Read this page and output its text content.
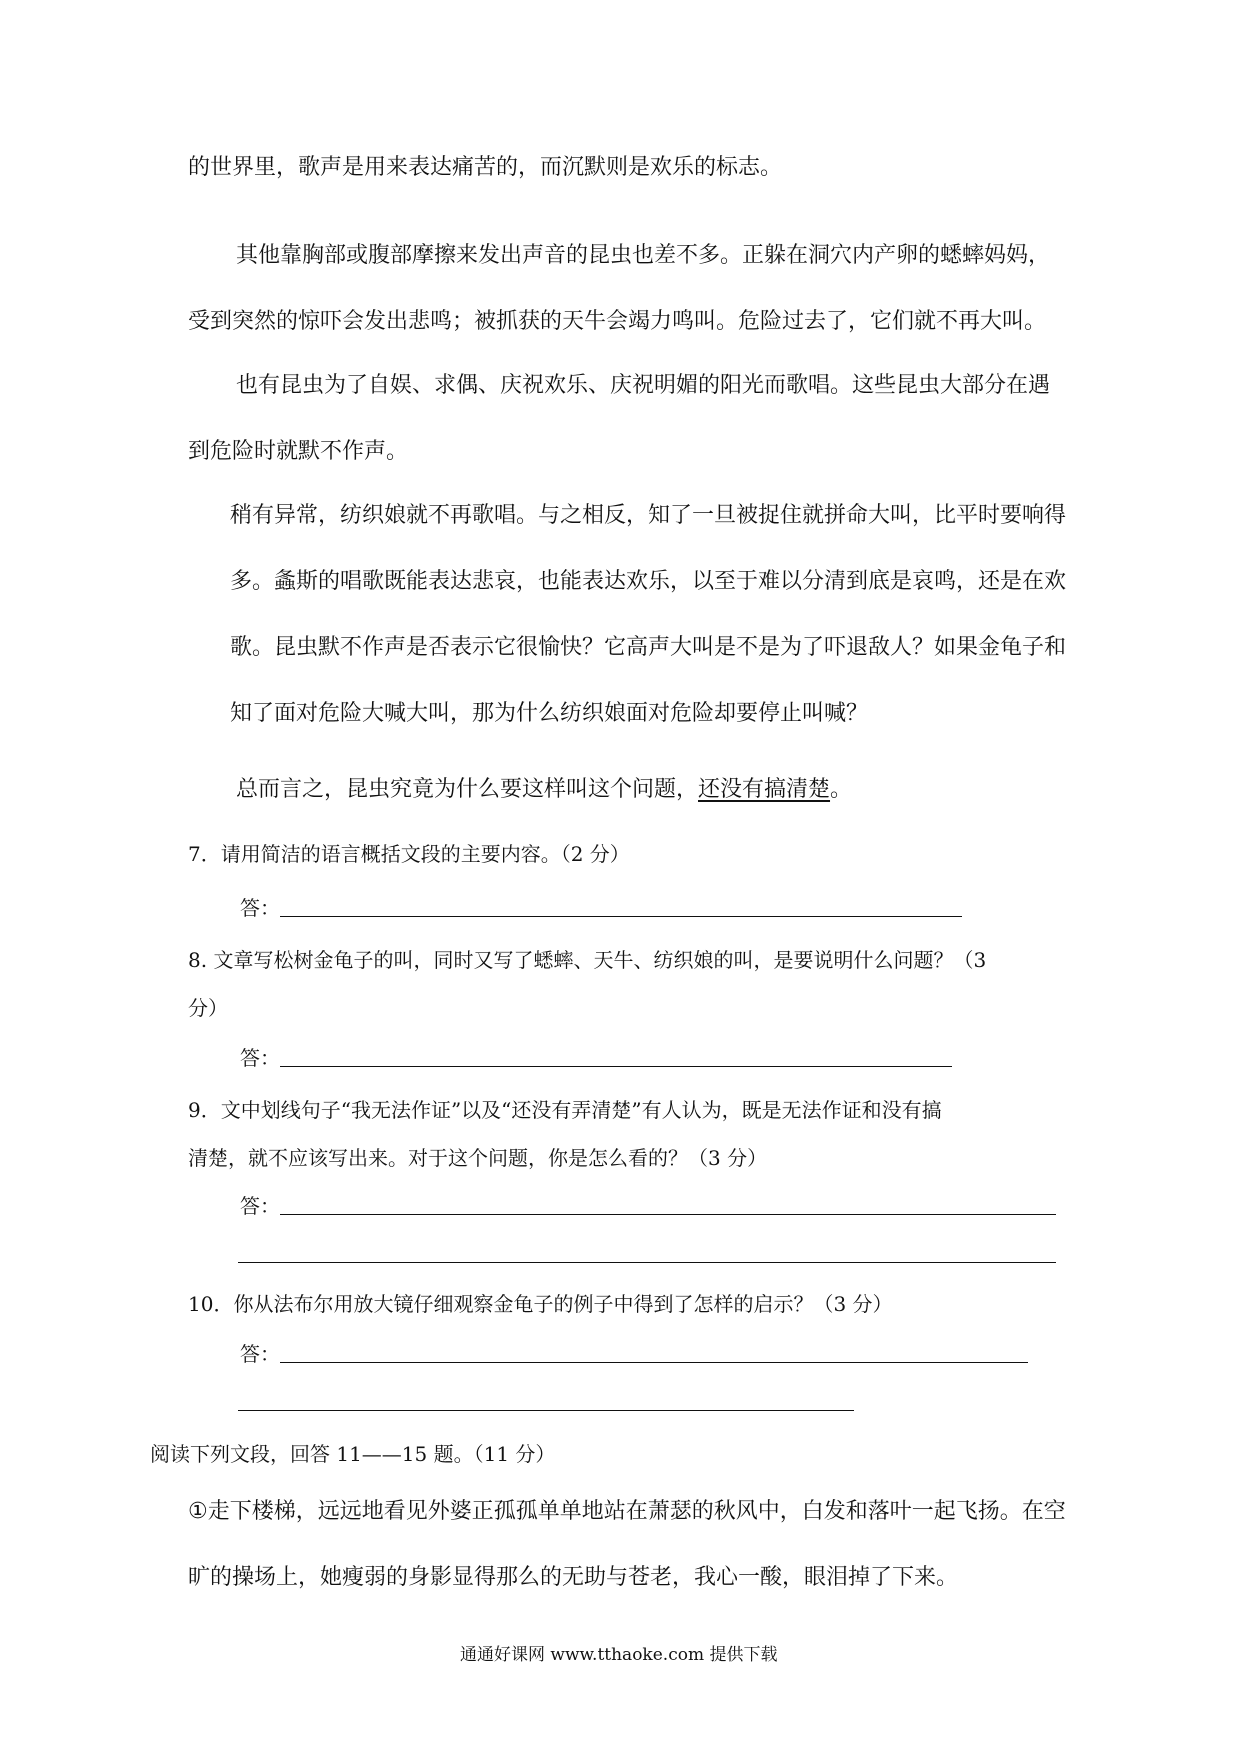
的世界里，歌声是用来表达痛苦的，而沉默则是欢乐的标志。
其他靠胸部或腹部摩擦来发出声音的昆虫也差不多。正躲在洞穴内产卵的蟋蟀妈妈，
受到突然的惊吓会发出悲鸣；被抓获的天牛会竭力鸣叫。危险过去了，它们就不再大叫。
也有昆虫为了自娱、求偶、庆祝欢乐、庆祝明媚的阳光而歌唱。这些昆虫大部分在遇
到危险时就默不作声。
稍有异常，纺织娘就不再歌唱。与之相反，知了一旦被捉住就拼命大叫，比平时要响得
多。螽斯的唱歌既能表达悲哀，也能表达欢乐，以至于难以分清到底是哀鸣，还是在欢
歌。昆虫默不作声是否表示它很愉快？它高声大叫是不是为了吓退敌人？如果金龟子和
知了面对危险大喊大叫，那为什么纺织娘面对危险却要停止叫喊？
总而言之，昆虫究竟为什么要这样叫这个问题，还没有搞清楚。
7．请用简洁的语言概括文段的主要内容。（2 分）
答：
8. 文章写松树金龟子的叫，同时又写了蟋蟀、天牛、纺织娘的叫，是要说明什么问题？（3
分）
答：
9．文中划线句子“我无法作证”以及“还没有弄清楚”有人认为，既是无法作证和没有搞
清楚，就不应该写出来。对于这个问题，你是怎么看的？（3 分）
答：
10．你从法布尔用放大镜仔细观察金龟子的例子中得到了怎样的启示？（3 分）
答：
阅读下列文段，回答 11——15 题。（11 分）
①走下楼梯，远远地看见外婆正孤孤单单地站在萧瑟的秋风中，白发和落叶一起飞扬。在空
旷的操场上，她瘦弱的身影显得那么的无助与苍老，我心一酸，眼泪掉了下来。
通通好课网 www.tthaoke.com 提供下载
